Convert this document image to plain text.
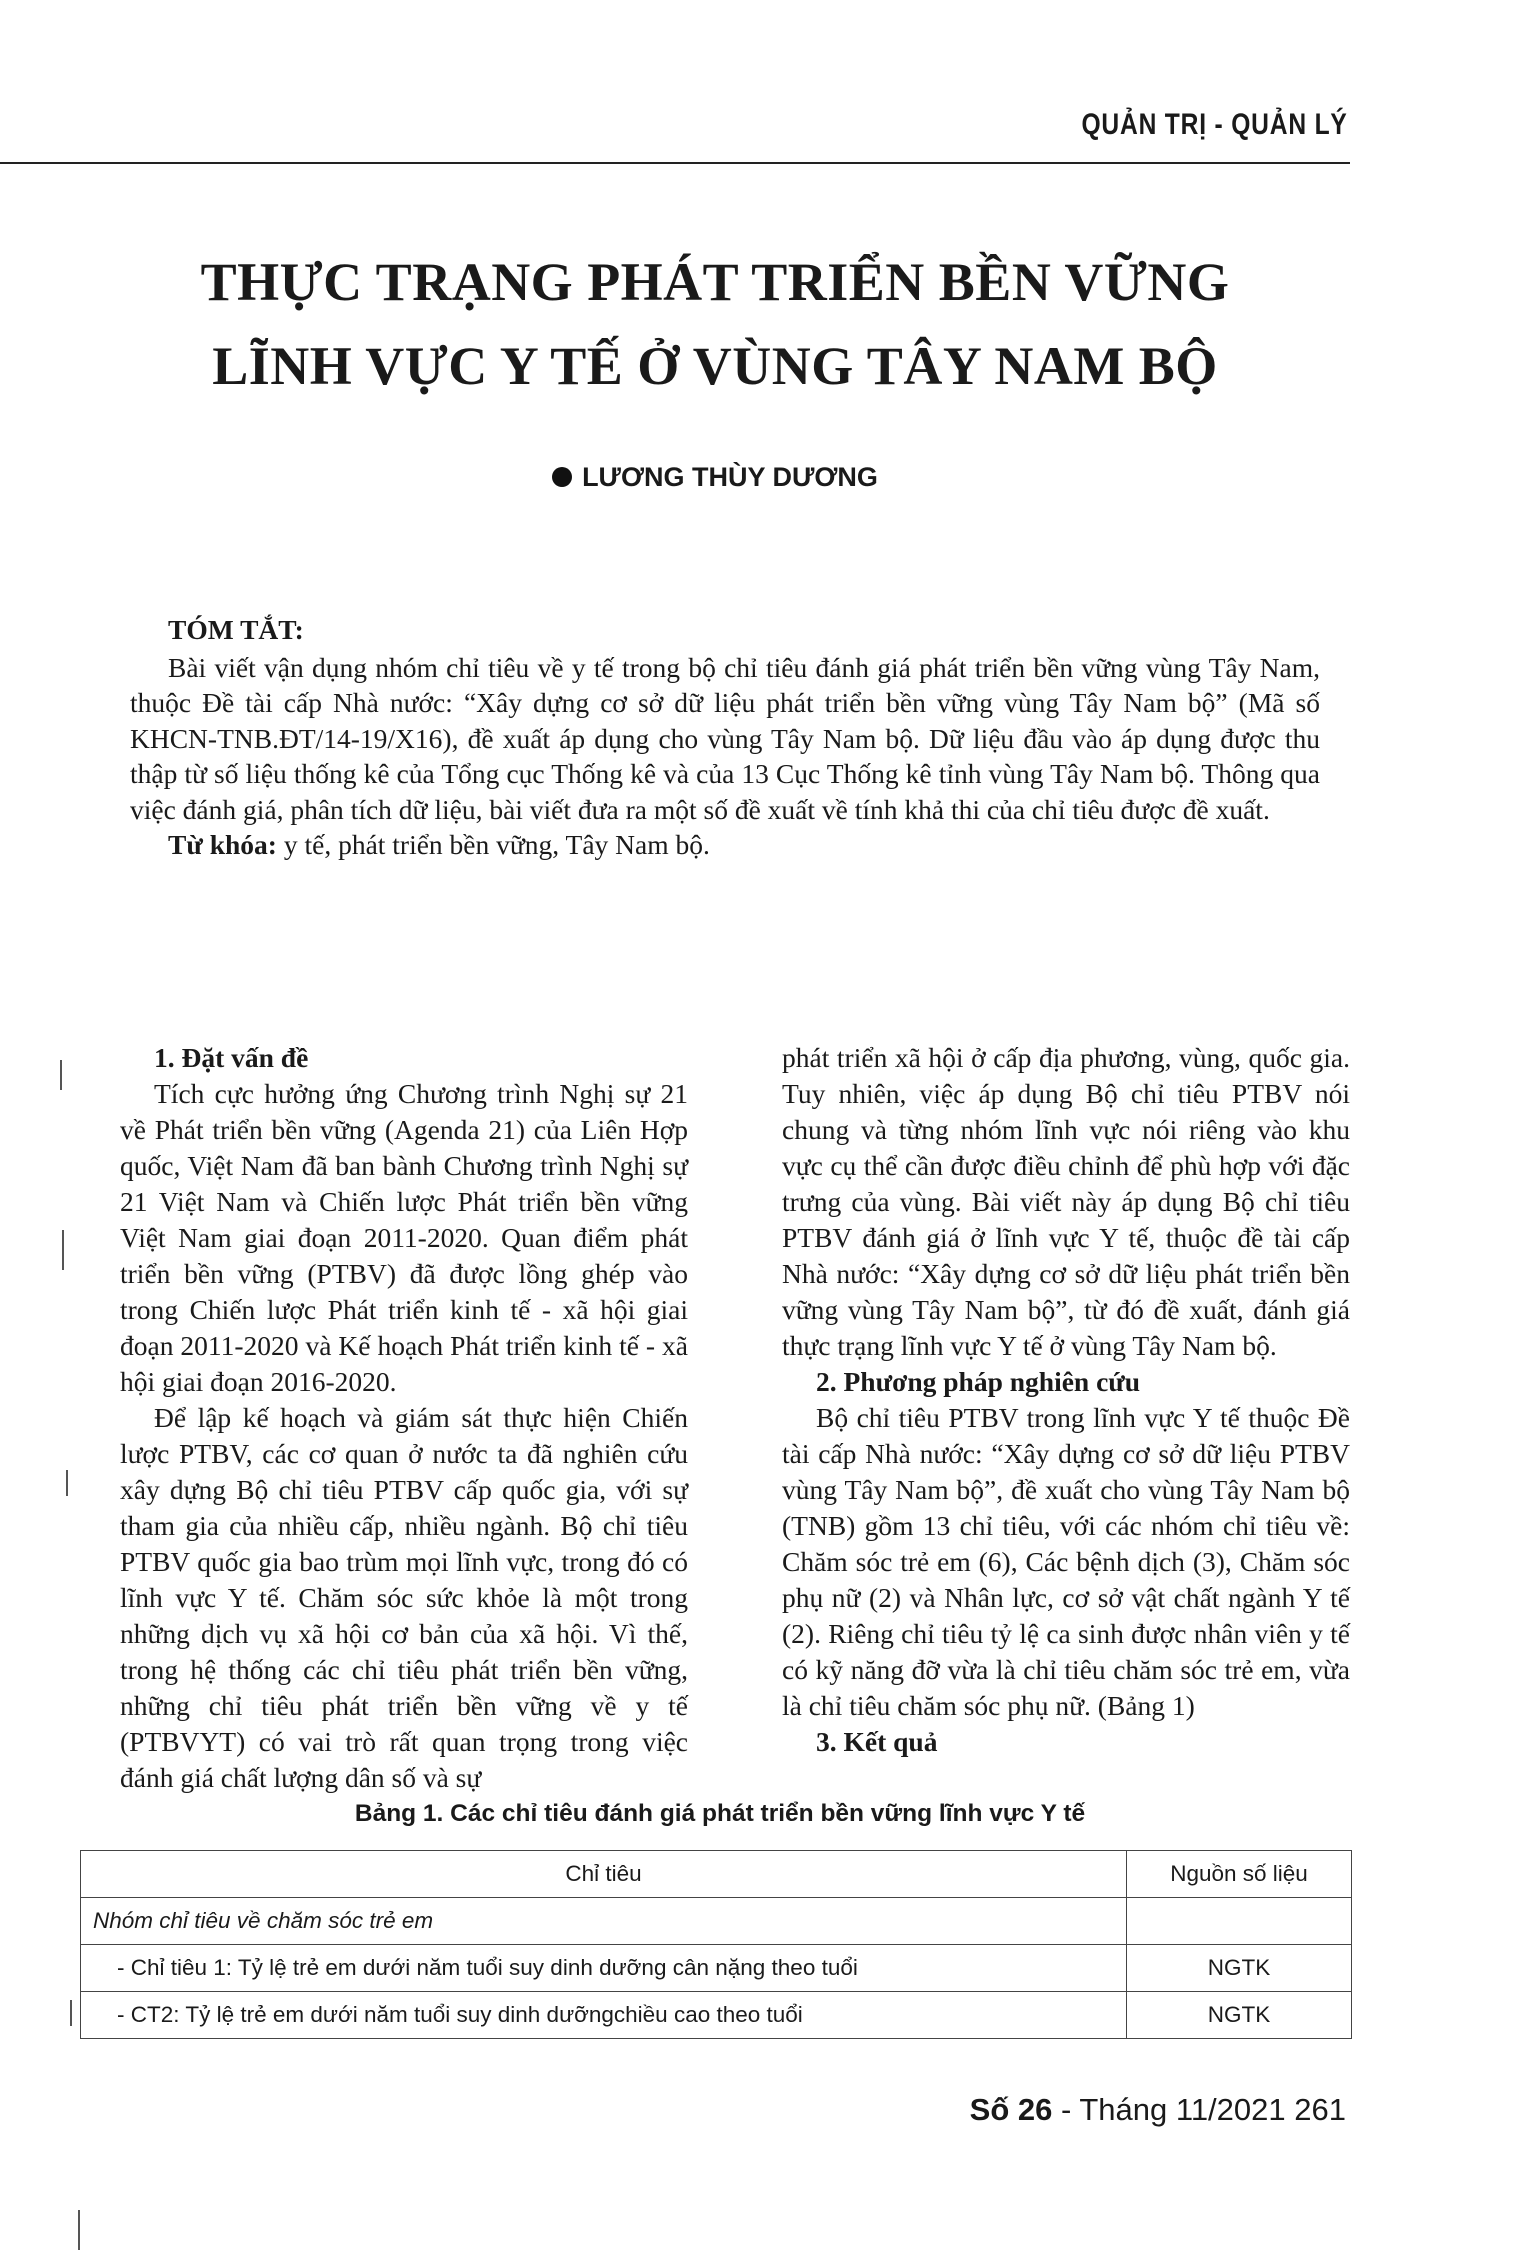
QUẢN TRỊ - QUẢN LÝ
THỰC TRẠNG PHÁT TRIỂN BỀN VỮNG
LĨNH VỰC Y TẾ Ở VÙNG TÂY NAM BỘ
LƯƠNG THÙY DƯƠNG
TÓM TẮT:

Bài viết vận dụng nhóm chỉ tiêu về y tế trong bộ chỉ tiêu đánh giá phát triển bền vững vùng Tây Nam, thuộc Đề tài cấp Nhà nước: “Xây dựng cơ sở dữ liệu phát triển bền vững vùng Tây Nam bộ” (Mã số KHCN-TNB.ĐT/14-19/X16), đề xuất áp dụng cho vùng Tây Nam bộ. Dữ liệu đầu vào áp dụng được thu thập từ số liệu thống kê của Tổng cục Thống kê và của 13 Cục Thống kê tỉnh vùng Tây Nam bộ. Thông qua việc đánh giá, phân tích dữ liệu, bài viết đưa ra một số đề xuất về tính khả thi của chỉ tiêu được đề xuất.

Từ khóa: y tế, phát triển bền vững, Tây Nam bộ.

1. Đặt vấn đề

Tích cực hưởng ứng Chương trình Nghị sự 21 về Phát triển bền vững (Agenda 21) của Liên Hợp quốc, Việt Nam đã ban bành Chương trình Nghị sự 21 Việt Nam và Chiến lược Phát triển bền vững Việt Nam giai đoạn 2011-2020. Quan điểm phát triển bền vững (PTBV) đã được lồng ghép vào trong Chiến lược Phát triển kinh tế - xã hội giai đoạn 2011-2020 và Kế hoạch Phát triển kinh tế - xã hội giai đoạn 2016-2020.

Để lập kế hoạch và giám sát thực hiện Chiến lược PTBV, các cơ quan ở nước ta đã nghiên cứu xây dựng Bộ chỉ tiêu PTBV cấp quốc gia, với sự tham gia của nhiều cấp, nhiều ngành. Bộ chỉ tiêu PTBV quốc gia bao trùm mọi lĩnh vực, trong đó có lĩnh vực Y tế. Chăm sóc sức khỏe là một trong những dịch vụ xã hội cơ bản của xã hội. Vì thế, trong hệ thống các chỉ tiêu phát triển bền vững, những chỉ tiêu phát triển bền vững về y tế (PTBVYT) có vai trò rất quan trọng trong việc đánh giá chất lượng dân số và sự

phát triển xã hội ở cấp địa phương, vùng, quốc gia. Tuy nhiên, việc áp dụng Bộ chỉ tiêu PTBV nói chung và từng nhóm lĩnh vực nói riêng vào khu vực cụ thể cần được điều chỉnh để phù hợp với đặc trưng của vùng. Bài viết này áp dụng Bộ chỉ tiêu PTBV đánh giá ở lĩnh vực Y tế, thuộc đề tài cấp Nhà nước: “Xây dựng cơ sở dữ liệu phát triển bền vững vùng Tây Nam bộ”, từ đó đề xuất, đánh giá thực trạng lĩnh vực Y tế ở vùng Tây Nam bộ.

2. Phương pháp nghiên cứu

Bộ chỉ tiêu PTBV trong lĩnh vực Y tế thuộc Đề tài cấp Nhà nước: “Xây dựng cơ sở dữ liệu PTBV vùng Tây Nam bộ”, đề xuất cho vùng Tây Nam bộ (TNB) gồm 13 chỉ tiêu, với các nhóm chỉ tiêu về: Chăm sóc trẻ em (6), Các bệnh dịch (3), Chăm sóc phụ nữ (2) và Nhân lực, cơ sở vật chất ngành Y tế (2). Riêng chỉ tiêu tỷ lệ ca sinh được nhân viên y tế có kỹ năng đỡ vừa là chỉ tiêu chăm sóc trẻ em, vừa là chỉ tiêu chăm sóc phụ nữ. (Bảng 1)

3. Kết quả
Bảng 1. Các chỉ tiêu đánh giá phát triển bền vững lĩnh vực Y tế
Chỉ tiêu	Nguồn số liệu
Nhóm chỉ tiêu về chăm sóc trẻ em	
- Chỉ tiêu 1: Tỷ lệ trẻ em dưới năm tuổi suy dinh dưỡng cân nặng theo tuổi	NGTK
- CT2: Tỷ lệ trẻ em dưới năm tuổi suy dinh dưỡngchiều cao theo tuổi	NGTK
Số 26 - Tháng 11/2021 261
